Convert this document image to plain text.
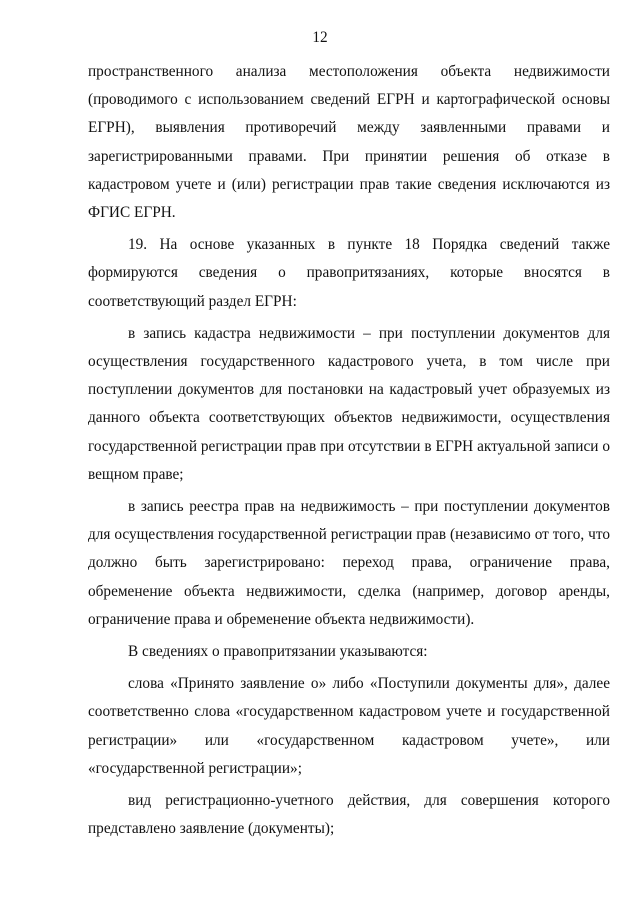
12

пространственного анализа местоположения объекта недвижимости (проводимого с использованием сведений ЕГРН и картографической основы ЕГРН), выявления противоречий между заявленными правами и зарегистрированными правами. При принятии решения об отказе в кадастровом учете и (или) регистрации прав такие сведения исключаются из ФГИС ЕГРН.

19. На основе указанных в пункте 18 Порядка сведений также формируются сведения о правопритязаниях, которые вносятся в соответствующий раздел ЕГРН:

в запись кадастра недвижимости – при поступлении документов для осуществления государственного кадастрового учета, в том числе при поступлении документов для постановки на кадастровый учет образуемых из данного объекта соответствующих объектов недвижимости, осуществления государственной регистрации прав при отсутствии в ЕГРН актуальной записи о вещном праве;

в запись реестра прав на недвижимость – при поступлении документов для осуществления государственной регистрации прав (независимо от того, что должно быть зарегистрировано: переход права, ограничение права, обременение объекта недвижимости, сделка (например, договор аренды, ограничение права и обременение объекта недвижимости).

В сведениях о правопритязании указываются:

слова «Принято заявление о» либо «Поступили документы для», далее соответственно слова «государственном кадастровом учете и государственной регистрации» или «государственном кадастровом учете», или «государственной регистрации»;

вид регистрационно-учетного действия, для совершения которого представлено заявление (документы);
